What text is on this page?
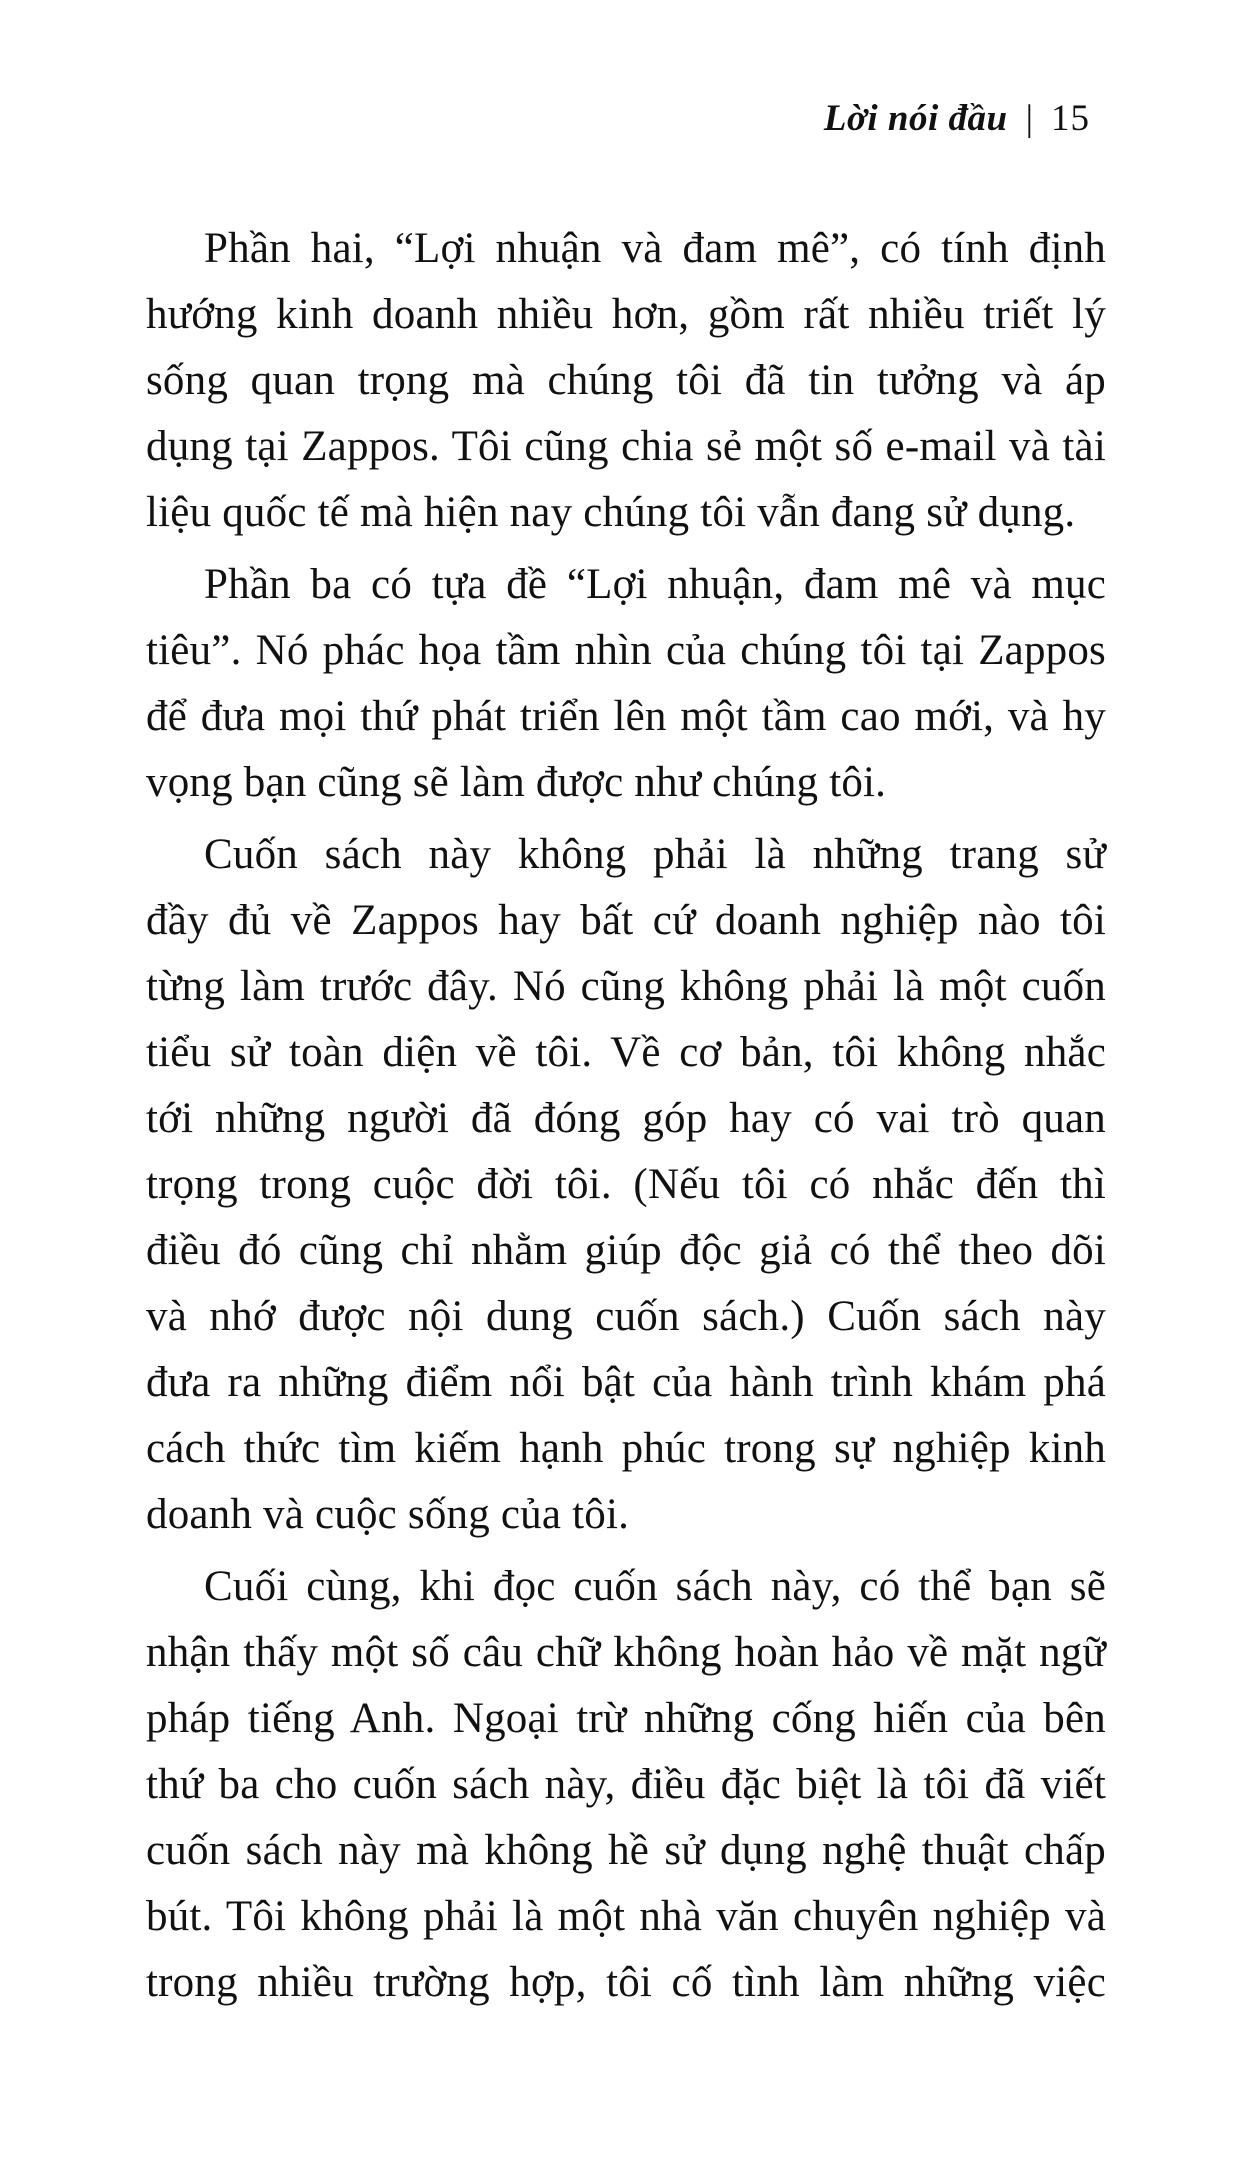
Lời nói đầu | 15
Phần hai, “Lợi nhuận và đam mê”, có tính định
hướng kinh doanh nhiều hơn, gồm rất nhiều triết lý
sống quan trọng mà chúng tôi đã tin tưởng và áp
dụng tại Zappos. Tôi cũng chia sẻ một số e-mail và tài
liệu quốc tế mà hiện nay chúng tôi vẫn đang sử dụng.
Phần ba có tựa đề “Lợi nhuận, đam mê và mục
tiêu”. Nó phác họa tầm nhìn của chúng tôi tại Zappos
để đưa mọi thứ phát triển lên một tầm cao mới, và hy
vọng bạn cũng sẽ làm được như chúng tôi.
Cuốn sách này không phải là những trang sử
đầy đủ về Zappos hay bất cứ doanh nghiệp nào tôi
từng làm trước đây. Nó cũng không phải là một cuốn
tiểu sử toàn diện về tôi. Về cơ bản, tôi không nhắc
tới những người đã đóng góp hay có vai trò quan
trọng trong cuộc đời tôi. (Nếu tôi có nhắc đến thì
điều đó cũng chỉ nhằm giúp độc giả có thể theo dõi
và nhớ được nội dung cuốn sách.) Cuốn sách này
đưa ra những điểm nổi bật của hành trình khám phá
cách thức tìm kiếm hạnh phúc trong sự nghiệp kinh
doanh và cuộc sống của tôi.
Cuối cùng, khi đọc cuốn sách này, có thể bạn sẽ
nhận thấy một số câu chữ không hoàn hảo về mặt ngữ
pháp tiếng Anh. Ngoại trừ những cống hiến của bên
thứ ba cho cuốn sách này, điều đặc biệt là tôi đã viết
cuốn sách này mà không hề sử dụng nghệ thuật chấp
bút. Tôi không phải là một nhà văn chuyên nghiệp và
trong nhiều trường hợp, tôi cố tình làm những việc
